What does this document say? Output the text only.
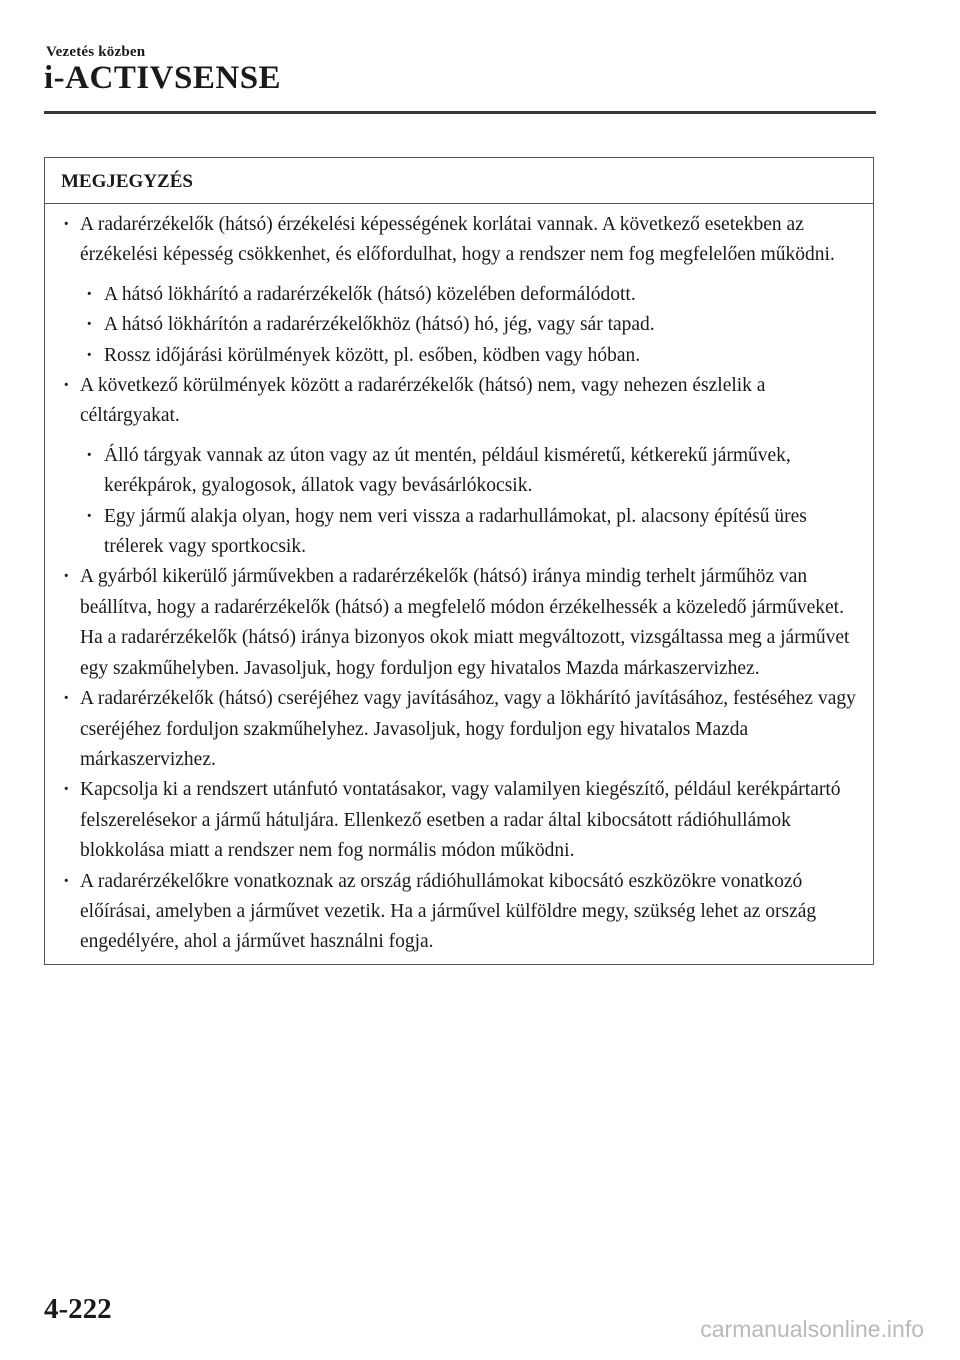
Vezetés közben
i-ACTIVSENSE
MEGJEGYZÉS
· A radarérzékelők (hátsó) érzékelési képességének korlátai vannak. A következő esetekben az érzékelési képesség csökkenhet, és előfordulhat, hogy a rendszer nem fog megfelelően működni.
· A hátsó lökhárító a radarérzékelők (hátsó) közelében deformálódott.
· A hátsó lökhárítón a radarérzékelőkhöz (hátsó) hó, jég, vagy sár tapad.
· Rossz időjárási körülmények között, pl. esőben, ködben vagy hóban.
· A következő körülmények között a radarérzékelők (hátsó) nem, vagy nehezen észlelik a céltárgyakat.
· Álló tárgyak vannak az úton vagy az út mentén, például kisméretű, kétkerekű járművek, kerékpárok, gyalogosok, állatok vagy bevásárlókocsik.
· Egy jármű alakja olyan, hogy nem veri vissza a radarhullámokat, pl. alacsony építésű üres trélerek vagy sportkocsik.
· A gyárból kikerülő járművekben a radarérzékelők (hátsó) iránya mindig terhelt járműhöz van beállítva, hogy a radarérzékelők (hátsó) a megfelelő módon érzékelhessék a közeledő járműveket. Ha a radarérzékelők (hátsó) iránya bizonyos okok miatt megváltozott, vizsgáltassa meg a járművet egy szakműhelyben. Javasoljuk, hogy forduljon egy hivatalos Mazda márkaszervizhez.
· A radarérzékelők (hátsó) cseréjéhez vagy javításához, vagy a lökhárító javításához, festéséhez vagy cseréjéhez forduljon szakműhelyhez. Javasoljuk, hogy forduljon egy hivatalos Mazda márkaszervizhez.
· Kapcsolja ki a rendszert utánfutó vontatásakor, vagy valamilyen kiegészítő, például kerékpártartó felszerelésekor a jármű hátuljára. Ellenkező esetben a radar által kibocsátott rádióhullámok blokkolása miatt a rendszer nem fog normális módon működni.
· A radarérzékelőkre vonatkoznak az ország rádióhullámokat kibocsátó eszközökre vonatkozó előírásai, amelyben a járművet vezetik. Ha a járművel külföldre megy, szükség lehet az ország engedélyére, ahol a járművet használni fogja.
4-222
carmanualsonline.info
